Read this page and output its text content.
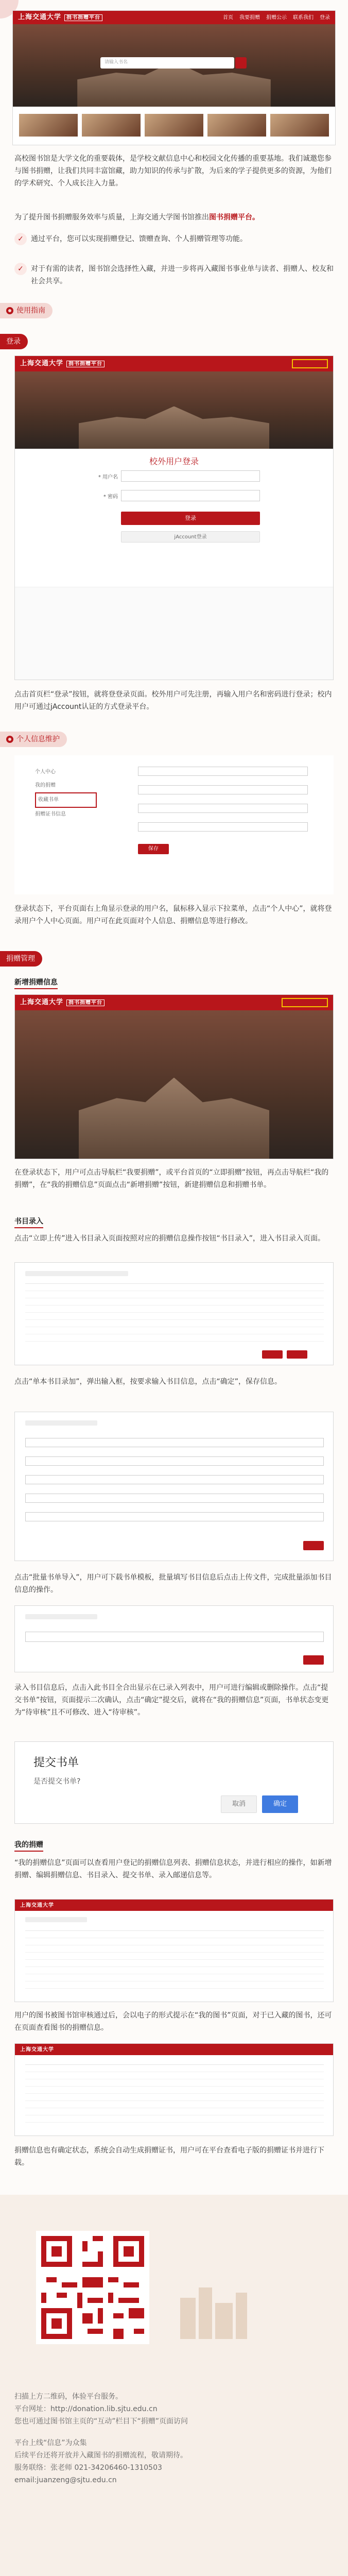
上海交通大学 捐书捐赠平台	首页 我要捐赠 捐赠公示 联系我们 登录
请输入书名

高校图书馆是大学文化的重要载体，是学校文献信息中心和校园文化传播的重要基地。我们诚邀您参与图书捐赠，让我们共同丰富馆藏，助力知识的传承与扩散，为后来的学子提供更多的资源，为他们的学术研究、个人成长注入力量。

为了提升图书捐赠服务效率与质量，上海交通大学图书馆推出图书捐赠平台。

✓	通过平台，您可以实现捐赠登记、馈赠查询、个人捐赠管理等功能。

✓	对于有需的读者，图书馆会选择性入藏，并进一步将再入藏图书事业单与读者、捐赠人、校友和社会共享。

使用指南
登录
上海交通大学 捐书捐赠平台
校外用户登录
* 用户名
* 密码
登录
jAccount登录

点击首页栏“登录”按钮，就将登登录页面。校外用户可先注册，再输入用户名和密码进行登录；校内用户可通过jAccount认证的方式登录平台。

个人信息维护
个人中心
我的捐赠
收藏书单
捐赠证书信息
保存

登录状态下，平台页面右上角显示登录的用户名，鼠标移入显示下拉菜单，点击“个人中心”，就将登录用户个人中心页面。用户可在此页面对个人信息、捐赠信息等进行修改。

捐赠管理
新增捐赠信息
上海交通大学 捐书捐赠平台

在登录状态下，用户可点击导航栏“我要捐赠”，或平台首页的“立即捐赠”按钮，再点击导航栏“我的捐赠”，在“我的捐赠信息”页面点击“新增捐赠”按钮，新建捐赠信息和捐赠书单。

书目录入

点击“立即上传”进入书目录入页面按照对应的捐赠信息操作按钮“书目录入”，进入书目录入页面。

点击“单本书目录加”，弹出输入框，按要求输入书目信息，点击“确定”，保存信息。

点击“批量书单导入”，用户可下载书单模板，批量填写书目信息后点击上传文件，完成批量添加书目信息的操作。

录入书目信息后，点击入此书目全合出显示在已录入列表中，用户可进行编辑或删除操作。点击“提交书单”按钮，页面提示二次确认，点击“确定”提交后，就将在“我的捐赠信息”页面，书单状态变更为“待审核”且不可修改、进入“待审核”。

提交书单
是否提交书单?
取消	确定
我的捐赠

“我的捐赠信息”页面可以查看用户登记的捐赠信息列表、捐赠信息状态，并进行相应的操作，如新增捐赠、编辑捐赠信息、书目录入、提交书单、录入邮递信息等。

上海交通大学

用户的图书被图书馆审核通过后，会以电子的形式提示在“我的图书”页面，对于已入藏的图书，还可在页面查看图书的捐赠信息。

上海交通大学

捐赠信息也有确定状态，系统会自动生成捐赠证书，用户可在平台查看电子版的捐赠证书并进行下载。

扫描上方二维码，体验平台服务。

平台网址：http://donation.lib.sjtu.edu.cn

您也可通过图书馆主页的“互动”栏目下“捐赠”页面访问

平台上线“信息”为众集

后续平台还将开放并入藏图书的捐赠流程，敬请期待。

服务联络：张老师 021-34206460-1310503

email:juanzeng@sjtu.edu.cn
